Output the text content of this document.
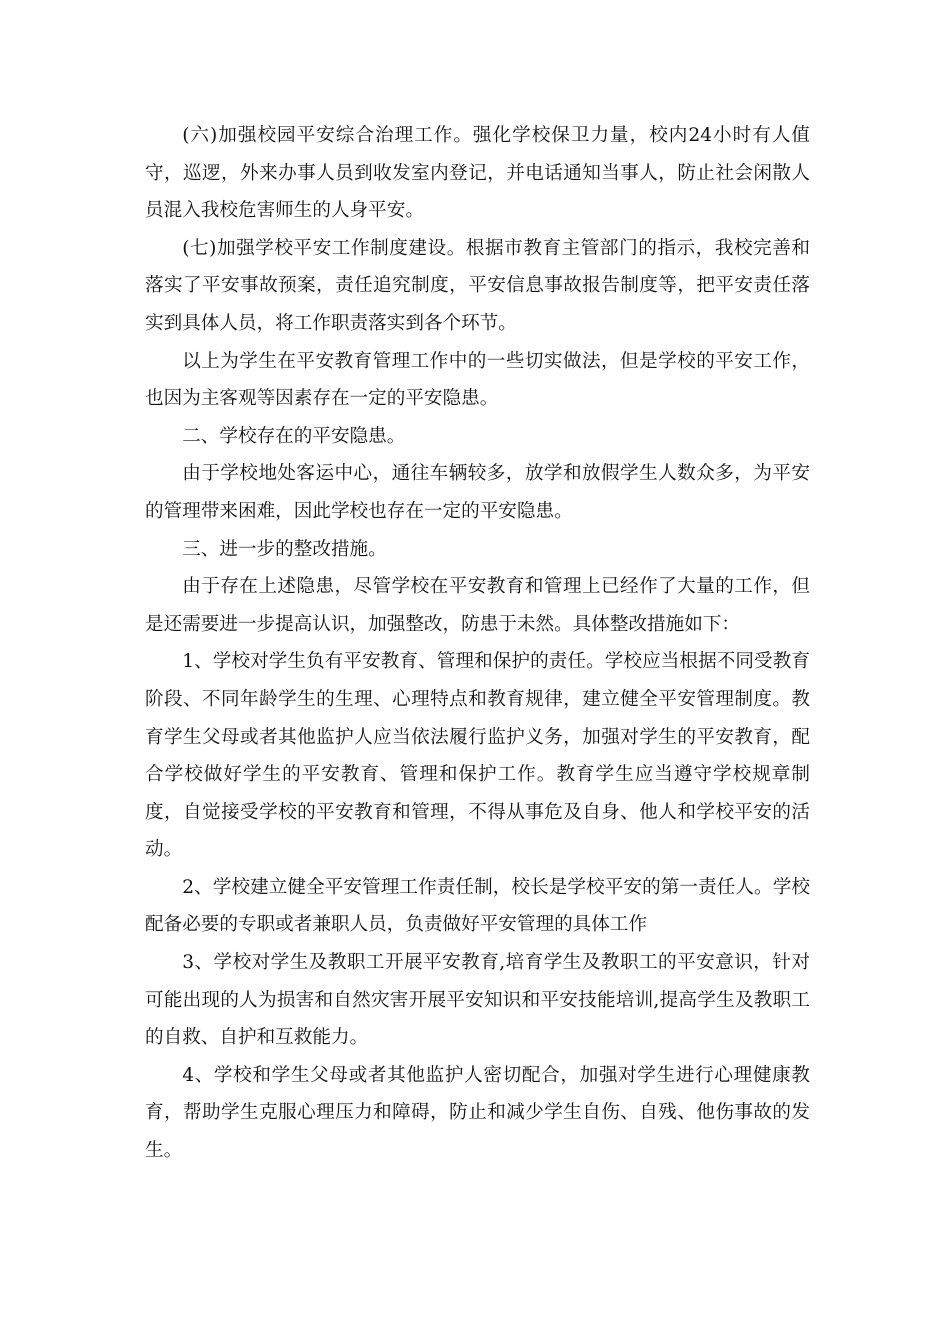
(六)加强校园平安综合治理工作。强化学校保卫力量，校内24小时有人值守，巡逻，外来办事人员到收发室内登记，并电话通知当事人，防止社会闲散人员混入我校危害师生的人身平安。

(七)加强学校平安工作制度建设。根据市教育主管部门的指示，我校完善和落实了平安事故预案，责任追究制度，平安信息事故报告制度等，把平安责任落实到具体人员，将工作职责落实到各个环节。

以上为学生在平安教育管理工作中的一些切实做法，但是学校的平安工作，也因为主客观等因素存在一定的平安隐患。

二、学校存在的平安隐患。

由于学校地处客运中心，通往车辆较多，放学和放假学生人数众多，为平安的管理带来困难，因此学校也存在一定的平安隐患。

三、进一步的整改措施。

由于存在上述隐患，尽管学校在平安教育和管理上已经作了大量的工作，但是还需要进一步提高认识，加强整改，防患于未然。具体整改措施如下：

1、学校对学生负有平安教育、管理和保护的责任。学校应当根据不同受教育阶段、不同年龄学生的生理、心理特点和教育规律，建立健全平安管理制度。教育学生父母或者其他监护人应当依法履行监护义务，加强对学生的平安教育，配合学校做好学生的平安教育、管理和保护工作。教育学生应当遵守学校规章制度，自觉接受学校的平安教育和管理，不得从事危及自身、他人和学校平安的活动。

2、学校建立健全平安管理工作责任制，校长是学校平安的第一责任人。学校配备必要的专职或者兼职人员，负责做好平安管理的具体工作

3、学校对学生及教职工开展平安教育,培育学生及教职工的平安意识，针对可能出现的人为损害和自然灾害开展平安知识和平安技能培训,提高学生及教职工的自救、自护和互救能力。

4、学校和学生父母或者其他监护人密切配合，加强对学生进行心理健康教育，帮助学生克服心理压力和障碍，防止和减少学生自伤、自残、他伤事故的发生。
